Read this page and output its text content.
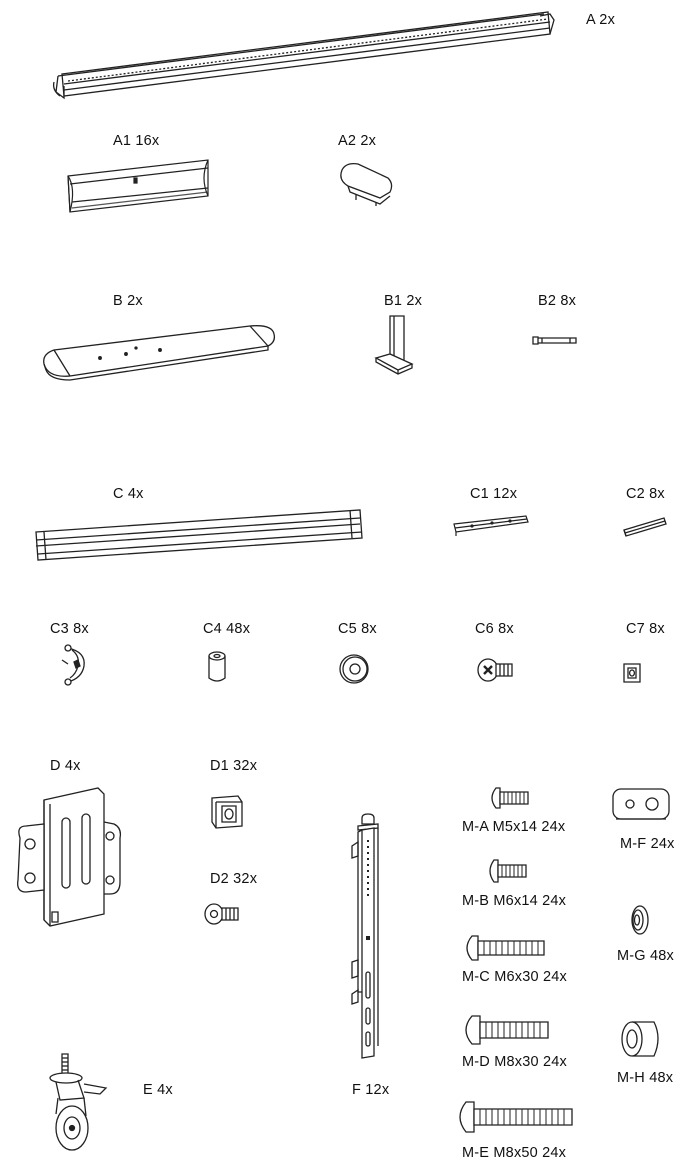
A 2x
A1 16x	A2 2x
B 2x	B1 2x	B2 8x
C 4x	C1 12x	C2 8x
C3 8x	C4 48x	C5 8x	C6 8x	C7 8x
D 4x	D1 32x
D2 32x
E 4x	F 12x
M-A M5x14 24x
M-B M6x14 24x
M-C M6x30 24x
M-D M8x30 24x
M-E M8x50 24x
M-F 24x
M-G 48x
M-H 48x
